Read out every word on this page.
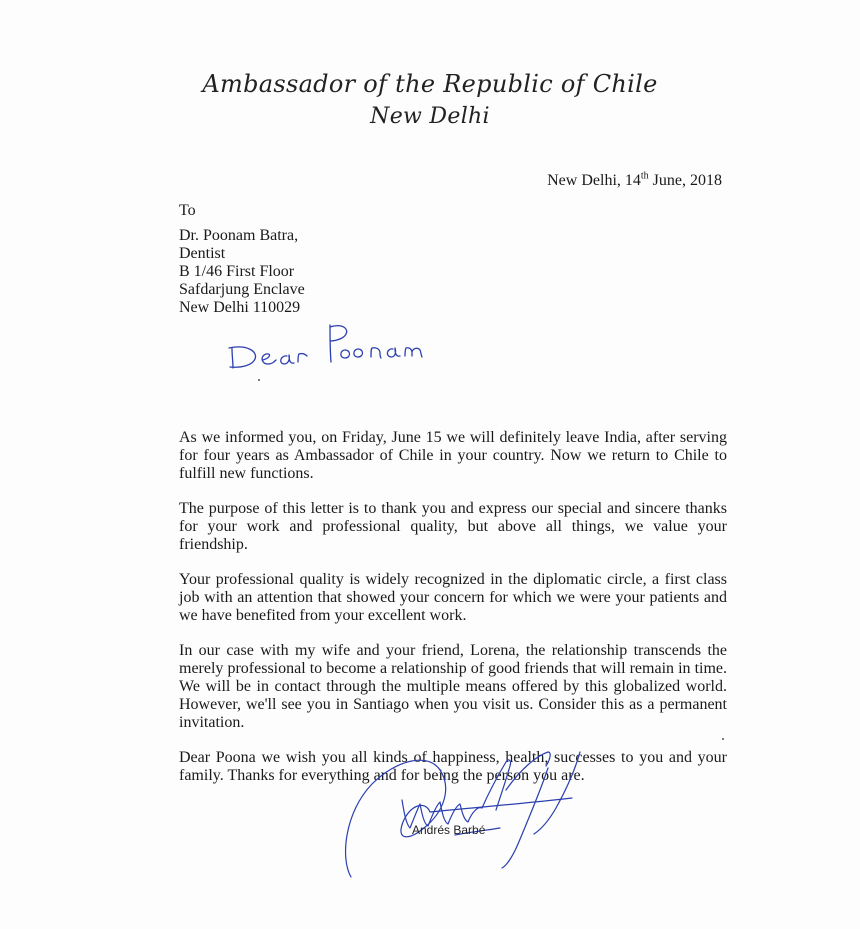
Ambassador of the Republic of Chile
New Delhi
New Delhi, 14th June, 2018
To
Dr. Poonam Batra,
Dentist
B 1/46 First Floor
Safdarjung Enclave
New Delhi 110029

As we informed you, on Friday, June 15 we will definitely leave India, after serving for four years as Ambassador of Chile in your country. Now we return to Chile to fulfill new functions.

The purpose of this letter is to thank you and express our special and sincere thanks for your work and professional quality, but above all things, we value your friendship.

Your professional quality is widely recognized in the diplomatic circle, a first class job with an attention that showed your concern for which we were your patients and we have benefited from your excellent work.

In our case with my wife and your friend, Lorena, the relationship transcends the merely professional to become a relationship of good friends that will remain in time. We will be in contact through the multiple means offered by this globalized world. However, we'll see you in Santiago when you visit us. Consider this as a permanent invitation.

Dear Poona we wish you all kinds of happiness, health, successes to you and your family. Thanks for everything and for being the person you are.

Andrés Barbé
